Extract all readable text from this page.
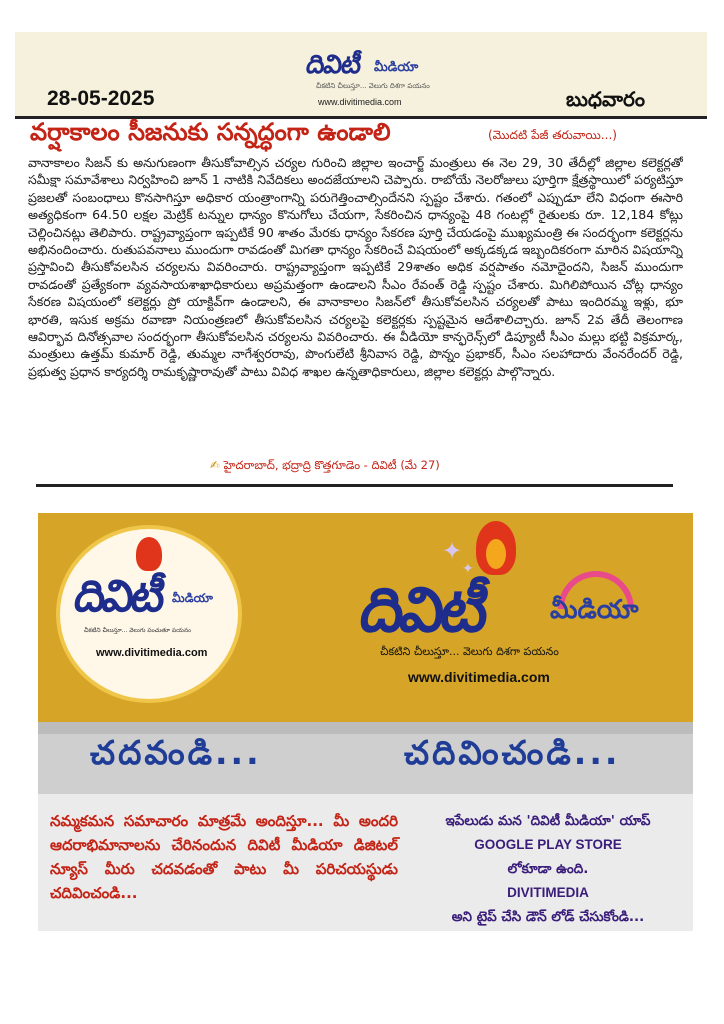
దివిటీ మీడియా
చీకటిని చీలుస్తూ... వెలుగు దిశగా పయనం
www.divitimedia.com
28-05-2025	బుధవారం
వర్షాకాలం సీజనుకు సన్నద్ధంగా ఉండాలి	(మొదటి పేజీ తరువాయి...)
వానాకాలం సిజన్ కు అనుగుణంగా తీసుకోవాల్సిన చర్యల గురించి జిల్లాల ఇంచార్జ్ మంత్రులు ఈ నెల 29, 30 తేదీల్లో జిల్లాల కలెక్టర్లతో సమీక్షా సమావేశాలు నిర్వహించి జూన్ 1 నాటికి నివేదికలు అందజేయాలని చెప్పారు. రాబోయే నెలరోజులు పూర్తిగా క్షేత్రస్థాయిలో పర్యటిస్తూ ప్రజలతో సంబంధాలు కొనసాగిస్తూ అధికార యంత్రాంగాన్ని పరుగెత్తించాల్సిందేనని స్పష్టం చేశారు. గతంలో ఎప్పుడూ లేని విధంగా ఈసారి అత్యధికంగా 64.50 లక్షల మెట్రిక్ టన్నుల ధాన్యం కొనుగోలు చేయగా, సేకరించిన ధాన్యంపై 48 గంటల్లో రైతులకు రూ. 12,184 కోట్లు చెల్లించినట్లు తెలిపారు. రాష్ట్రవ్యాప్తంగా ఇప్పటికే 90 శాతం మేరకు ధాన్యం సేకరణ పూర్తి చేయడంపై ముఖ్యమంత్రి ఈ సందర్భంగా కలెక్టర్లను అభినందించారు. రుతుపవనాలు ముందుగా రావడంతో మిగతా ధాన్యం సేకరించే విషయంలో అక్కడక్కడ ఇబ్బందికరంగా మారిన విషయాన్ని ప్రస్తావించి తీసుకోవలసిన చర్యలను వివరించారు. రాష్ట్రవ్యాప్తంగా ఇప్పటికే 29శాతం అధిక వర్షపాతం నమోదైందని, సిజన్ ముందుగా రావడంతో ప్రత్యేకంగా వ్యవసాయశాఖాధికారులు అప్రమత్తంగా ఉండాలని సీఎం రేవంత్ రెడ్డి స్పష్టం చేశారు. మిగిలిపోయిన చోట్ల ధాన్యం సేకరణ విషయంలో కలెక్టర్లు ప్రో యాక్టివ్‌గా ఉండాలని, ఈ వానాకాలం సిజన్‌లో తీసుకోవలసిన చర్యలతో పాటు ఇందిరమ్మ ఇళ్లు, భూ భారతి, ఇసుక అక్రమ రవాణా నియంత్రణలో తీసుకోవలసిన చర్యలపై కలెక్టర్లకు స్పష్టమైన ఆదేశాలిచ్చారు. జూన్ 2వ తేదీ తెలంగాణ ఆవిర్భావ దినోత్సవాల సందర్భంగా తీసుకోవలసిన చర్యలను వివరించారు. ఈ వీడియో కాన్ఫరెన్స్‌లో డిప్యూటీ సీఎం మల్లు భట్టి విక్రమార్క, మంత్రులు ఉత్తమ్ కుమార్ రెడ్డి, తుమ్మల నాగేశ్వరరావు, పొంగులేటి శ్రీనివాస రెడ్డి, పొన్నం ప్రభాకర్, సీఎం సలహాదారు వేంనరేందర్ రెడ్డి, ప్రభుత్వ ప్రధాన కార్యదర్శి రామకృష్ణారావుతో పాటు వివిధ శాఖల ఉన్నతాధికారులు, జిల్లాల కలెక్టర్లు పాల్గొన్నారు.
✍ హైదరాబాద్, భద్రాద్రి కొత్తగూడెం - దివిటీ (మే 27)
దివిటీ మీడియా
చీకటిని చీలుస్తూ... వెలుగు పంచుతూ పయనం
www.divitimedia.com
✦
✦
దివిటీ మీడియా
చీకటిని చీలుస్తూ... వెలుగు దిశగా పయనం
www.divitimedia.com
చదవండి...	చదివించండి...
నమ్మకమన సమాచారం మాత్రమే అందిస్తూ... మీ అందరి ఆదరాభిమానాలను చేరినందున దివిటీ మీడియా డిజిటల్ న్యూస్ మీరు చదవడంతో పాటు మీ పరిచయస్థుడు చదివించండి...
ఇపేలుడు మన 'దివిటీ మీడియా' యాప్
GOOGLE PLAY STORE
లోకూడా ఉంది.
DIVITIMEDIA
అని టైప్ చేసి డౌన్ లోడ్ చేసుకోండి...
